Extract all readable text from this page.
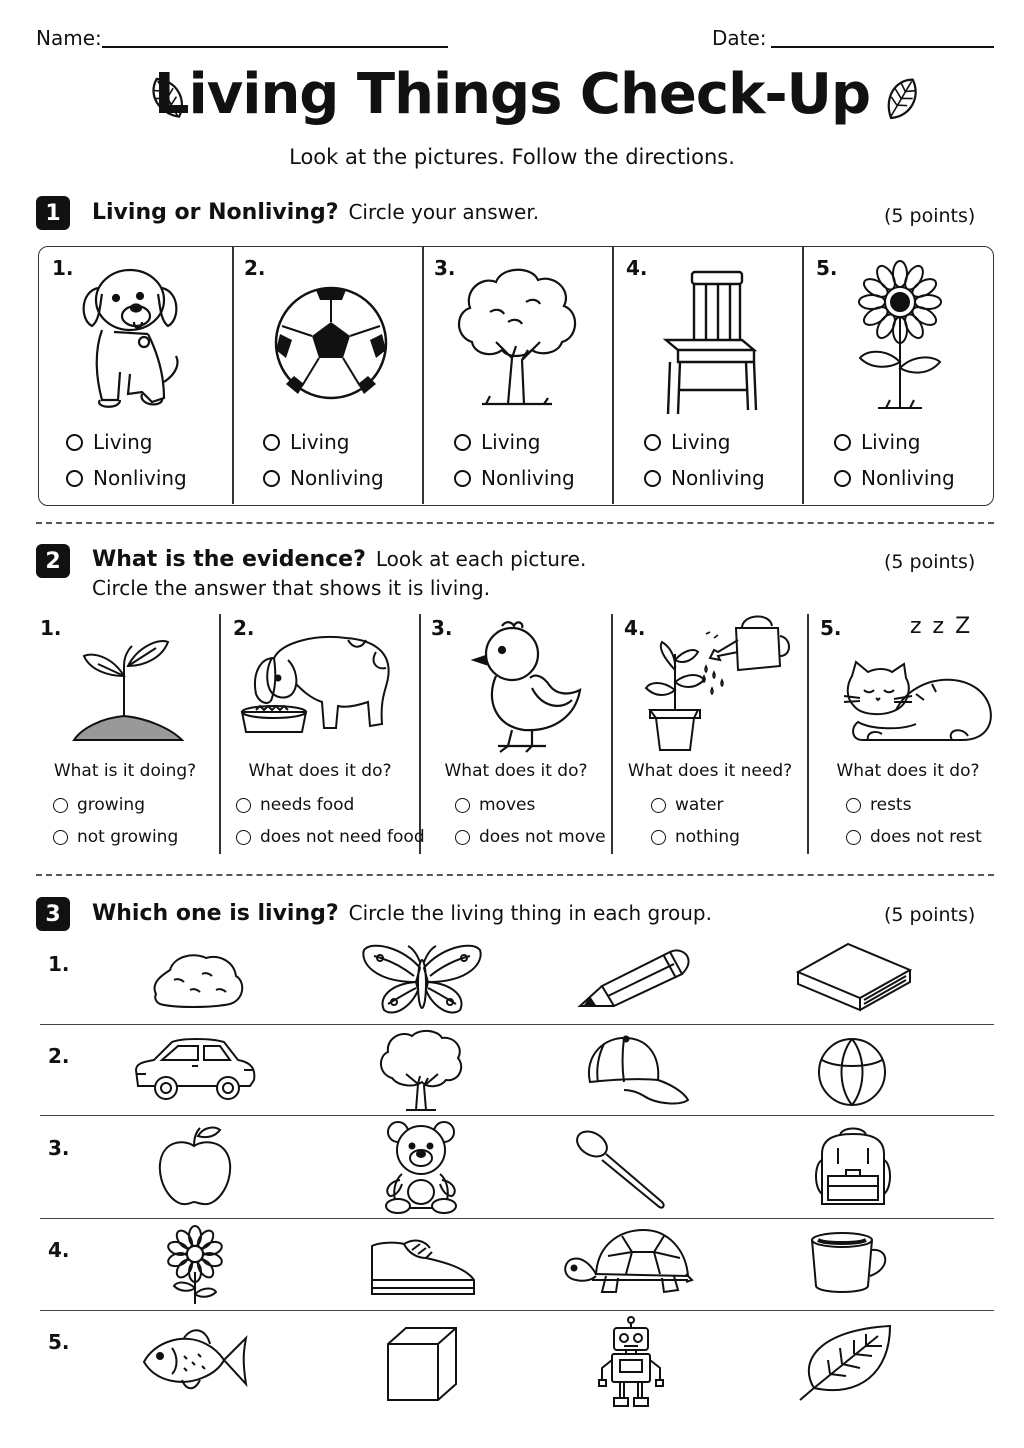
Name:	Date:
Living Things Check-Up
Look at the pictures. Follow the directions.
1	Living or Nonliving? Circle your answer.	(5 points)
1.
Living
Nonliving
2.
Living
Nonliving
3.
Living
Nonliving
4.
Living
Nonliving
5.
Living
Nonliving
2	What is the evidence? Look at each picture.
Circle the answer that shows it is living.
(5 points)
1.
What is it doing?
growing
not growing
2.
What does it do?
needs food
does not need food
3.
What does it do?
moves
does not move
4.
What does it need?
water
nothing
5.	z z Z
What does it do?
rests
does not rest
3	Which one is living? Circle the living thing in each group.	(5 points)
1.
2.
3.
4.
5.
